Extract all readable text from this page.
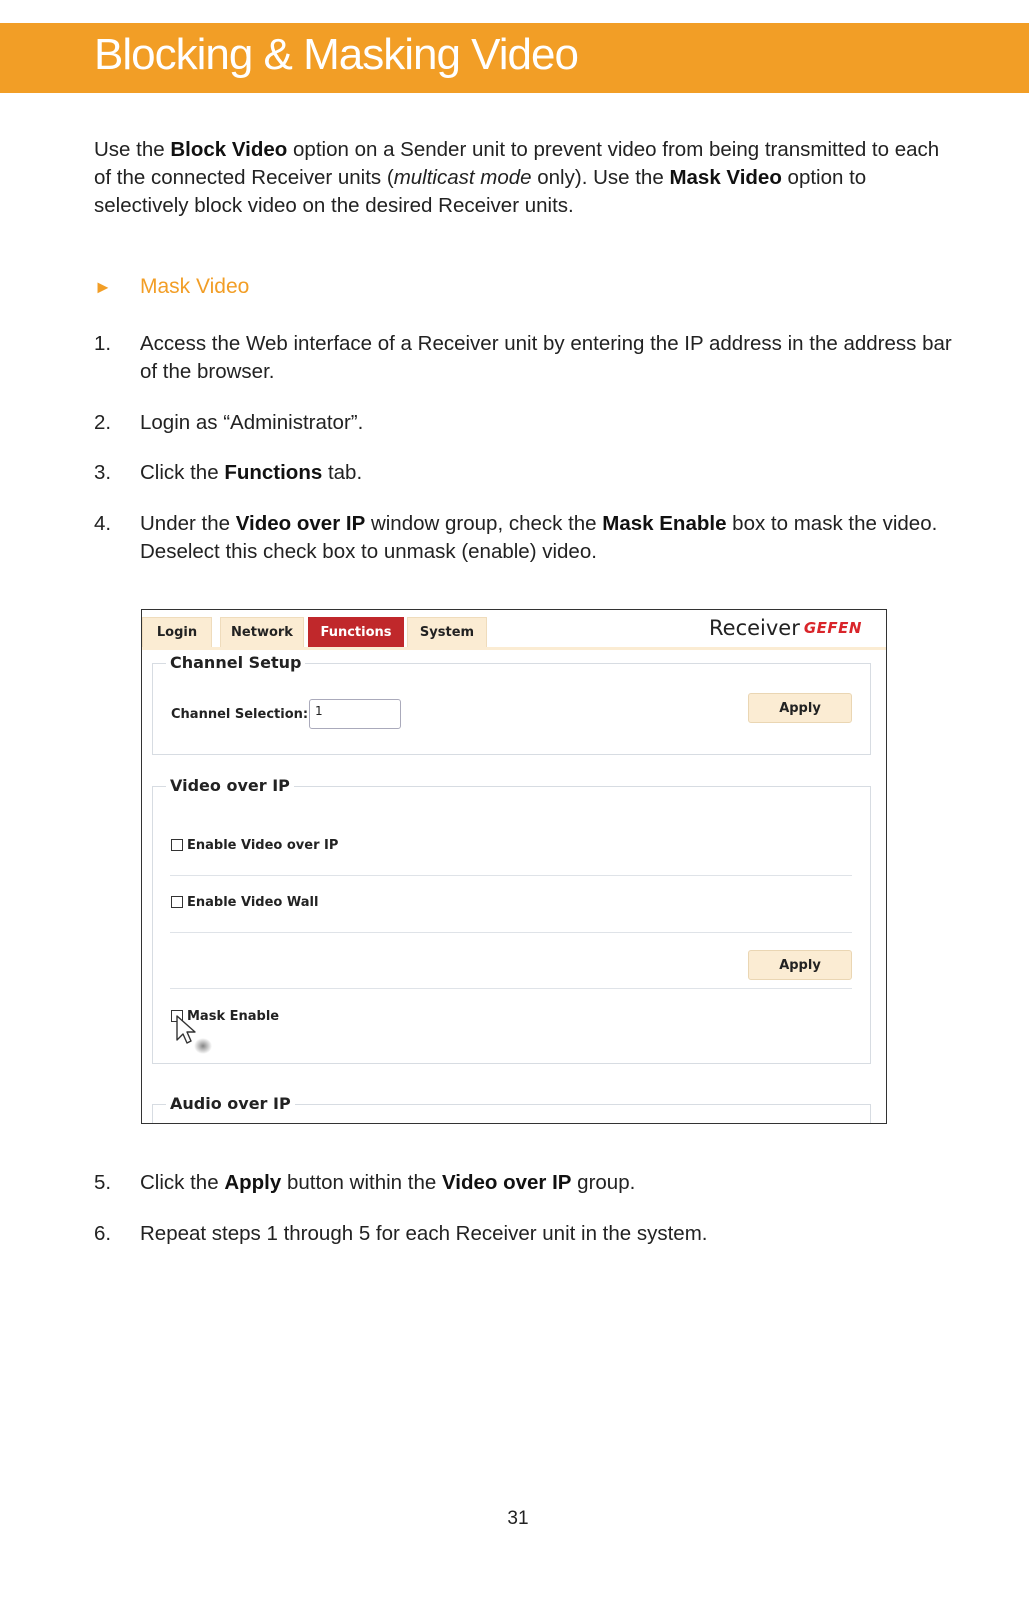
Blocking & Masking Video
Use the Block Video option on a Sender unit to prevent video from being transmitted to each of the connected Receiver units (multicast mode only). Use the Mask Video option to selectively block video on the desired Receiver units.
► Mask Video
1. Access the Web interface of a Receiver unit by entering the IP address in the address bar of the browser.
2. Login as “Administrator”.
3. Click the Functions tab.
4. Under the Video over IP window group, check the Mask Enable box to mask the video. Deselect this check box to unmask (enable) video.
Login	Network	Functions	System	Receiver GEFEN
Channel Setup
Channel Selection: 1	Apply
Video over IP
Enable Video over IP
Enable Video Wall
Apply
Mask Enable
Audio over IP
5. Click the Apply button within the Video over IP group.
6. Repeat steps 1 through 5 for each Receiver unit in the system.
31
